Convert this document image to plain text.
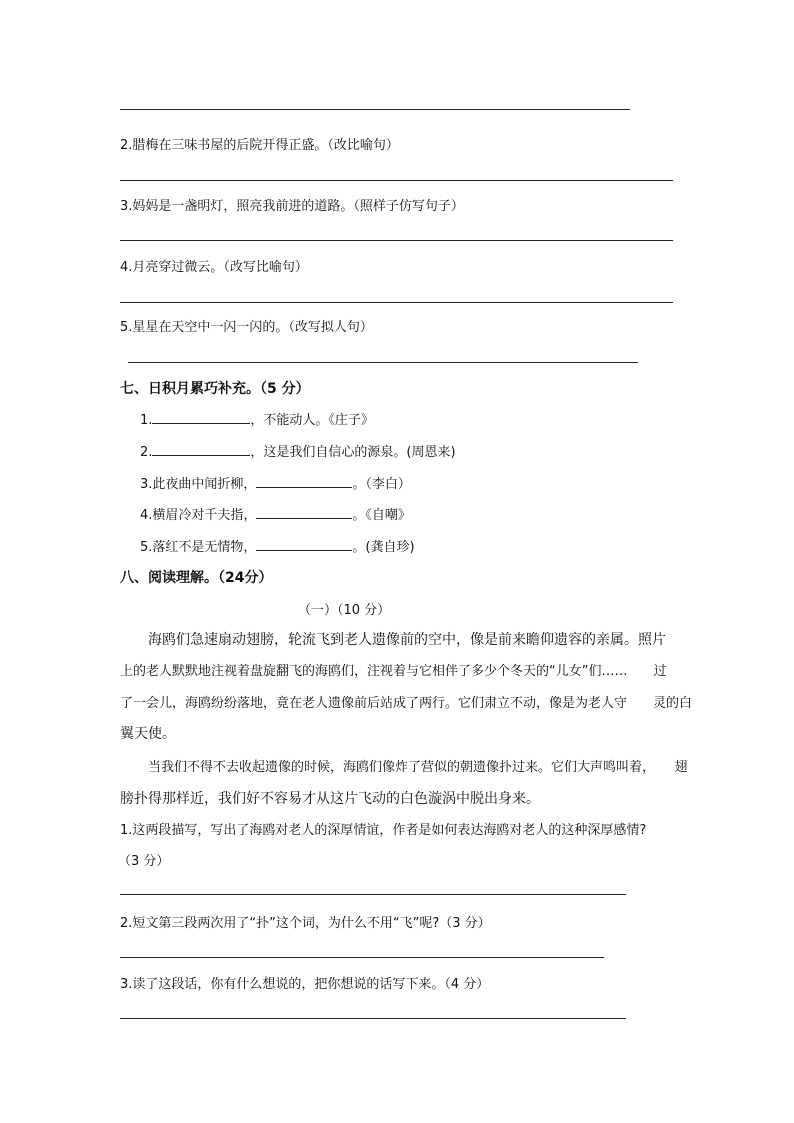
2.腊梅在三味书屋的后院开得正盛。（改比喻句）
3.妈妈是一盏明灯，照亮我前进的道路。（照样子仿写句子）
4.月亮穿过微云。（改写比喻句）
5.星星在天空中一闪一闪的。（改写拟人句）
七、日积月累巧补充。（5 分）
1.	，不能动人。《庄子》
2.	，这是我们自信心的源泉。(周恩来)
3.此夜曲中闻折柳，	。（李白）
4.横眉冷对千夫指，	。《自嘲》
5.落红不是无情物，	。(龚自珍)
八、阅读理解。（24分）
（一）（10 分）
海鸥们急速扇动翅膀，轮流飞到老人遗像前的空中，像是前来瞻仰遗容的亲属。照片
上的老人默默地注视着盘旋翻飞的海鸥们，注视着与它相伴了多少个冬天的“儿女”们……　　过
了一会儿，海鸥纷纷落地，竟在老人遗像前后站成了两行。它们肃立不动，像是为老人守　　灵的白
翼天使。
当我们不得不去收起遗像的时候，海鸥们像炸了营似的朝遗像扑过来。它们大声鸣叫着，　　翅
膀扑得那样近，我们好不容易才从这片飞动的白色漩涡中脱出身来。
1.这两段描写，写出了海鸥对老人的深厚情谊，作者是如何表达海鸥对老人的这种深厚感情?
（3 分）
2.短文第三段两次用了“扑”这个词，为什么不用“飞”呢?（3 分）
3.读了这段话，你有什么想说的，把你想说的话写下来。（4 分）
